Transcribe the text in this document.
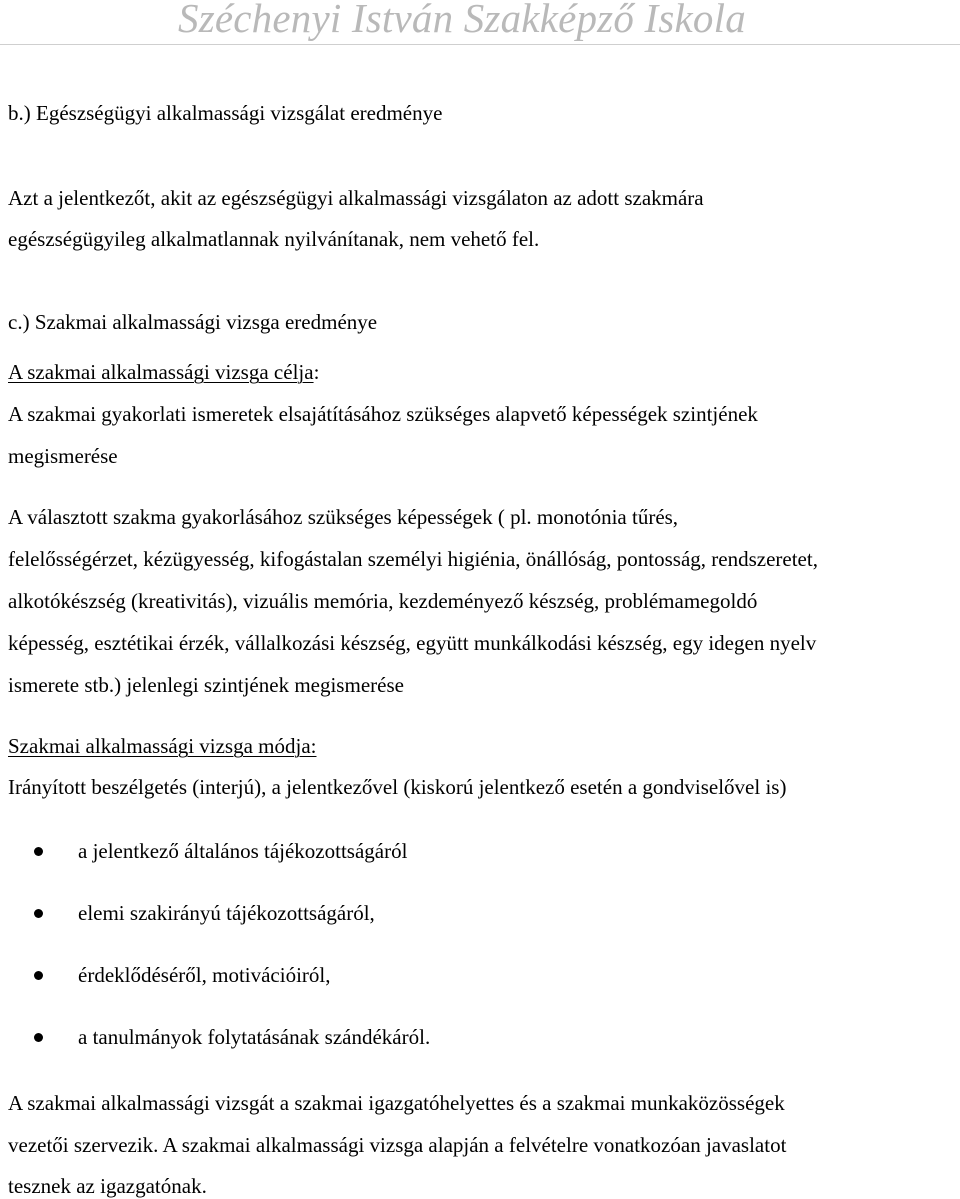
Széchenyi István Szakképző Iskola
b.) Egészségügyi alkalmassági vizsgálat eredménye
Azt a jelentkezőt, akit az egészségügyi alkalmassági vizsgálaton az adott szakmára
egészségügyileg alkalmatlannak nyilvánítanak, nem vehető fel.
c.) Szakmai alkalmassági vizsga eredménye
A szakmai alkalmassági vizsga célja:
A szakmai gyakorlati ismeretek elsajátításához szükséges alapvető képességek szintjének
megismerése
A választott szakma gyakorlásához szükséges képességek ( pl. monotónia tűrés,
felelősségérzet, kézügyesség, kifogástalan személyi higiénia, önállóság, pontosság, rendszeretet,
alkotókészség (kreativitás), vizuális memória, kezdeményező készség, problémamegoldó
képesség, esztétikai érzék, vállalkozási készség, együtt munkálkodási készség, egy idegen nyelv
ismerete stb.) jelenlegi szintjének megismerése
Szakmai alkalmassági vizsga módja:
Irányított beszélgetés (interjú), a jelentkezővel (kiskorú jelentkező esetén a gondviselővel is)
a jelentkező általános tájékozottságáról
elemi szakirányú tájékozottságáról,
érdeklődéséről, motivációiról,
a tanulmányok folytatásának szándékáról.
A szakmai alkalmassági vizsgát a szakmai igazgatóhelyettes és a szakmai munkaközösségek
vezetői szervezik. A szakmai alkalmassági vizsga alapján a felvételre vonatkozóan javaslatot
tesznek az igazgatónak.
